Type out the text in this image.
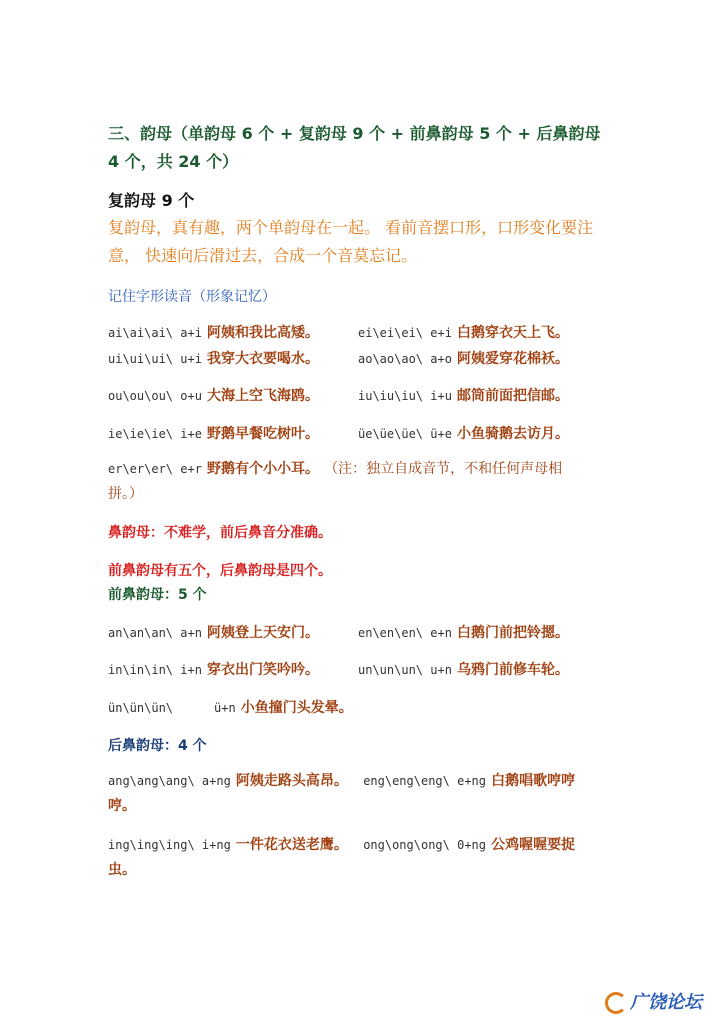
三、韵母（单韵母 6 个 + 复韵母 9 个 + 前鼻韵母 5 个 + 后鼻韵母 4 个，共 24 个）
复韵母 9 个
复韵母，真有趣，两个单韵母在一起。 看前音摆口形，口形变化要注意， 快速向后滑过去，合成一个音莫忘记。
记住字形读音（形象记忆）
ai\ai\ai\ a+i 阿姨和我比高矮。	ei\ei\ei\ e+i 白鹅穿衣天上飞。
ui\ui\ui\ u+i 我穿大衣要喝水。	ao\ao\ao\ a+o 阿姨爱穿花棉袄。
ou\ou\ou\ o+u 大海上空飞海鸥。	iu\iu\iu\ i+u 邮筒前面把信邮。
ie\ie\ie\ i+e 野鹅早餐吃树叶。	üe\üe\üe\ ü+e 小鱼骑鹅去访月。
er\er\er\ e+r 野鹅有个小小耳。 （注：独立自成音节，不和任何声母相拼。）
鼻韵母：不难学，前后鼻音分准确。
前鼻韵母有五个，后鼻韵母是四个。
前鼻韵母：5 个
an\an\an\ a+n 阿姨登上天安门。	en\en\en\ e+n 白鹅门前把铃摁。
in\in\in\ i+n 穿衣出门笑吟吟。	un\un\un\ u+n 乌鸦门前修车轮。
ün\ün\ün\	ü+n 小鱼撞门头发晕。
后鼻韵母：4 个
ang\ang\ang\ a+ng 阿姨走路头高昂。 eng\eng\eng\ e+ng 白鹅唱歌哼哼哼。
ing\ing\ing\ i+ng 一件花衣送老鹰。 ong\ong\ong\ 0+ng 公鸡喔喔要捉虫。
广饶论坛
